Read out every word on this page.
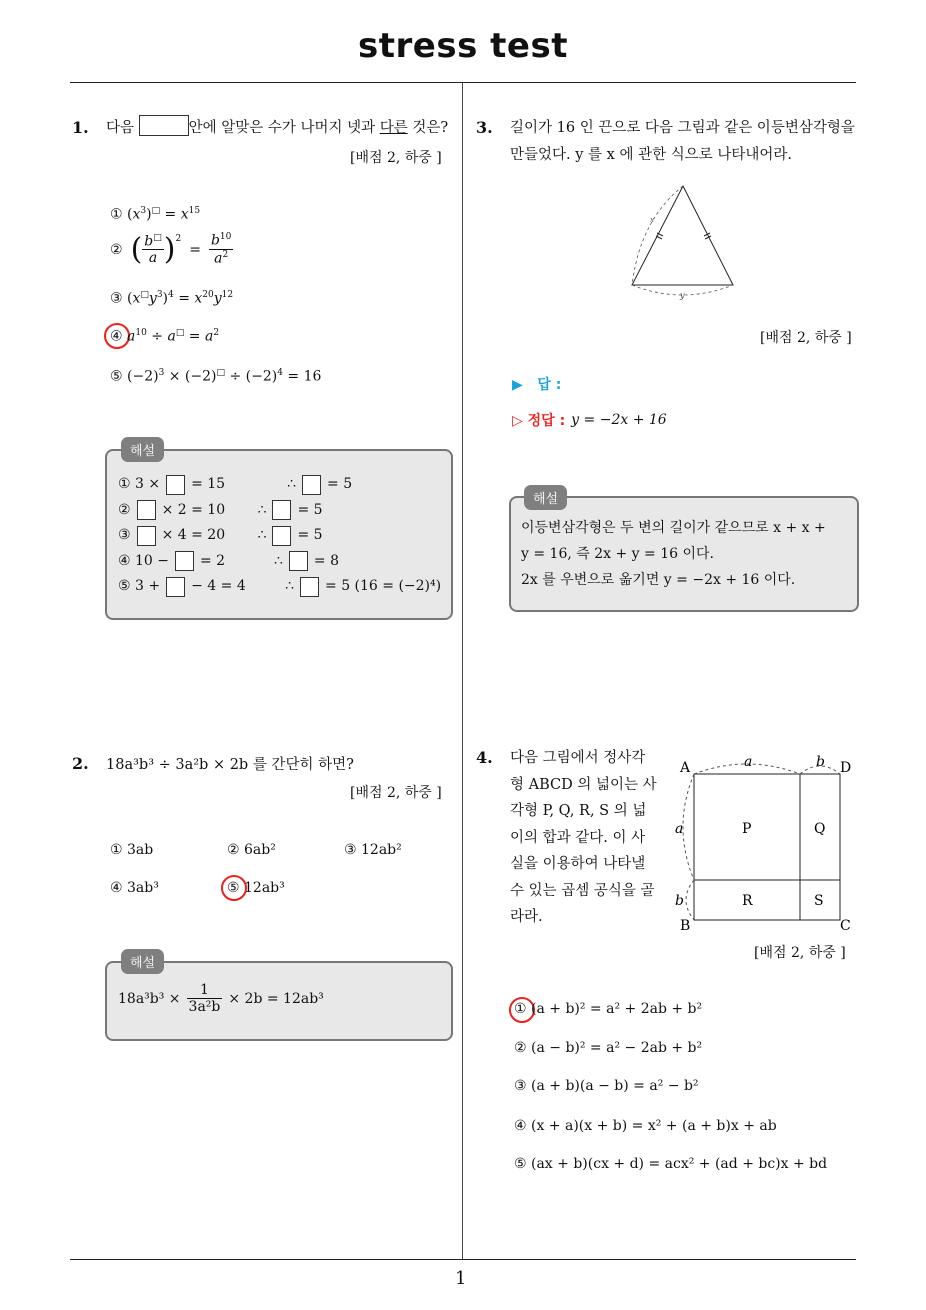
stress test
1
1. 다음	안에 알맞은 수가 나머지 넷과 다른 것은?
[배점 2, 하중 ]
① $(x^3)^□ = x^{15}$
② ( $\frac{b^□}{a} )^2$
= $\frac{b^{10}}{a^2}$
③ $(x^□y^3)^4 = x^{20}y^{12}$
④ $a^{10} \div a^□ = a^2$
⑤ $(-2)^3 \times (-2)^□ \div (-2)^4 = 16$
해설
① 3 × = 15	∴ = 5
② × 2 = 10	∴ = 5
③ × 4 = 20	∴ = 5
④ 10 − = 2	∴ = 8
⑤ 3 + − 4 = 4	∴ = 5 (16 = (−2)⁴)
2. 18a³b³ ÷ 3a²b × 2b 를 간단히 하면?
[배점 2, 하중 ]
① 3ab	② 6ab²	③ 12ab²
④ 3ab³	⑤ 12ab³
해설
$18a^3b^3 \times \frac{1}{\text{3a²b}} \times 2b = 12ab^3$
3. 길이가 16 인 끈으로 다음 그림과 같은 이등변삼각형을
만들었다. y 를 x 에 관한 식으로 나타내어라.
x
y
[배점 2, 하중 ]
▶   답 :
▷ 정답 : y = −2x + 16
해설
이등변삼각형은 두 변의 길이가 같으므로 x + x +
y = 16, 즉 2x + y = 16 이다.
2x 를 우변으로 옮기면 y = −2x + 16 이다.
4. 다음 그림에서 정사각
형 ABCD 의 넓이는 사
각형 P, Q, R, S 의 넓
이의 합과 같다. 이 사
실을 이용하여 나타낼
수 있는 곱셈 공식을 골
라라.
A	D
B	C
a	b
a
b
P	Q
R	S
[배점 2, 하중 ]
① (a + b)² = a² + 2ab + b²
② (a − b)² = a² − 2ab + b²
③ (a + b)(a − b) = a² − b²
④ (x + a)(x + b) = x² + (a + b)x + ab
⑤ (ax + b)(cx + d) = acx² + (ad + bc)x + bd
